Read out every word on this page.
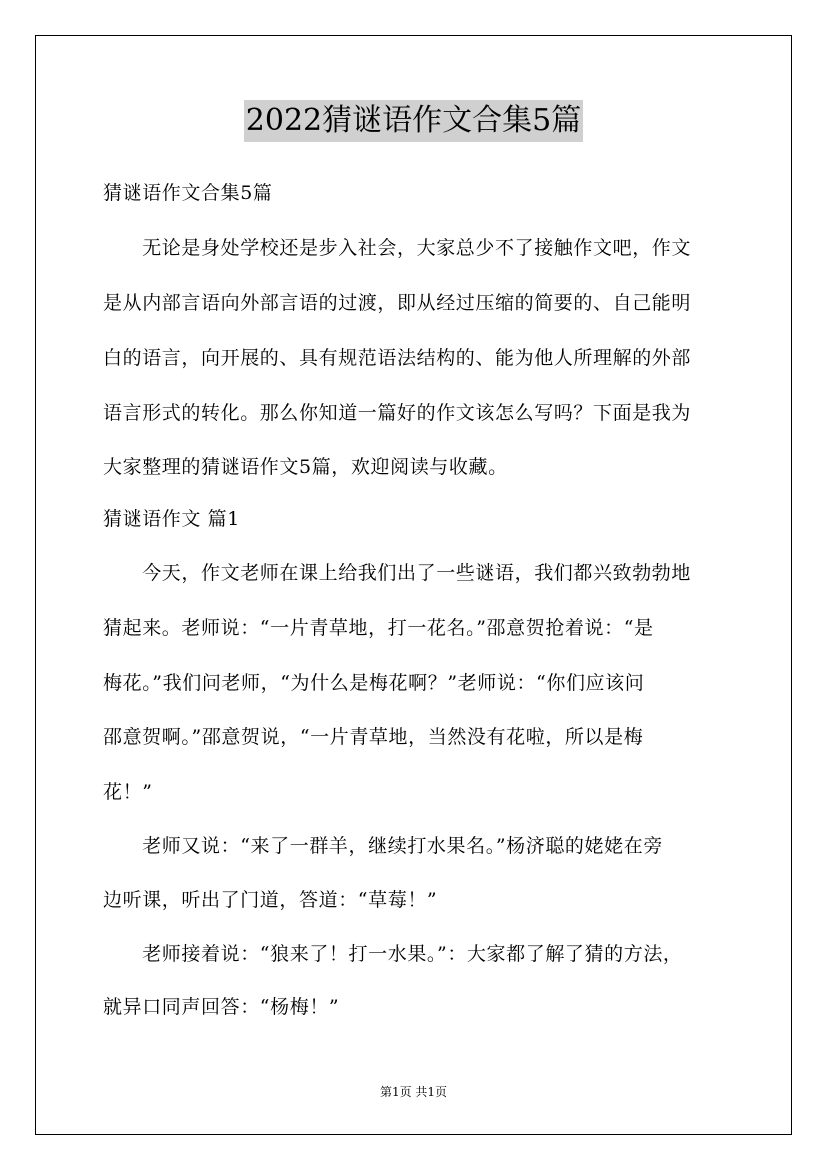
2022猜谜语作文合集5篇
猜谜语作文合集5篇
　　无论是身处学校还是步入社会，大家总少不了接触作文吧，作文
是从内部言语向外部言语的过渡，即从经过压缩的简要的、自己能明
白的语言，向开展的、具有规范语法结构的、能为他人所理解的外部
语言形式的转化。那么你知道一篇好的作文该怎么写吗？下面是我为
大家整理的猜谜语作文5篇，欢迎阅读与收藏。
猜谜语作文 篇1
　　今天，作文老师在课上给我们出了一些谜语，我们都兴致勃勃地
猜起来。老师说：“一片青草地，打一花名。”邵意贺抢着说：“是
梅花。”我们问老师，“为什么是梅花啊？”老师说：“你们应该问
邵意贺啊。”邵意贺说，“一片青草地，当然没有花啦，所以是梅
花！”
　　老师又说：“来了一群羊，继续打水果名。”杨济聪的姥姥在旁
边听课，听出了门道，答道：“草莓！”
　　老师接着说：“狼来了！打一水果。”：大家都了解了猜的方法，
就异口同声回答：“杨梅！”
第1页 共1页
